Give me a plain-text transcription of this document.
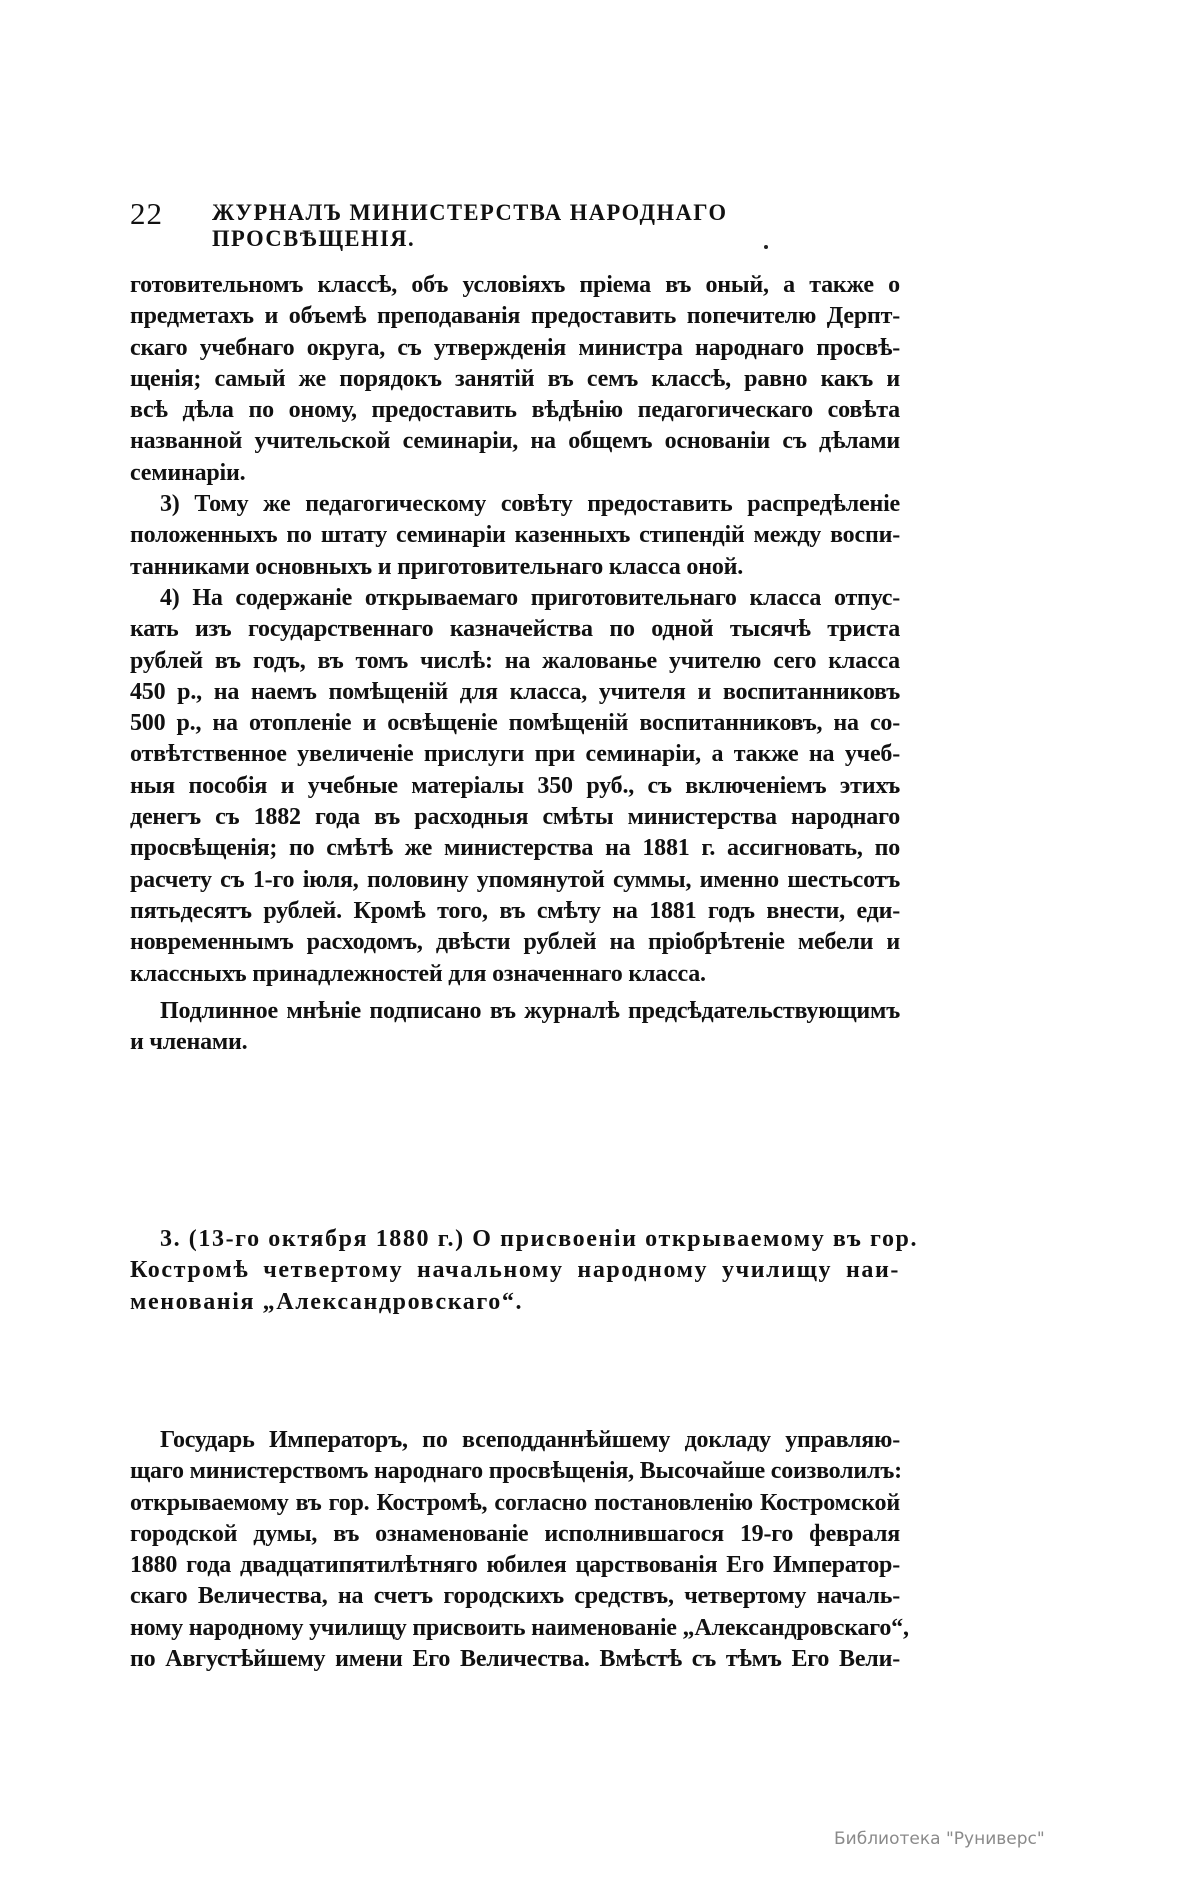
22 ЖУРНАЛЪ МИНИСТЕРСТВА НАРОДНАГО ПРОСВѢЩЕНІЯ.
готовительномъ классѣ, объ условіяхъ пріема въ оный, а также о
предметахъ и объемѣ преподаванія предоставить попечителю Дерпт-
скаго учебнаго округа, съ утвержденія министра народнаго просвѣ-
щенія; самый же порядокъ занятій въ семъ классѣ, равно какъ и
всѣ дѣла по оному, предоставить вѣдѣнію педагогическаго совѣта
названной учительской семинаріи, на общемъ основаніи съ дѣлами
семинаріи.
3) Тому же педагогическому совѣту предоставить распредѣленіе
положенныхъ по штату семинаріи казенныхъ стипендій между воспи-
танниками основныхъ и приготовительнаго класса оной.
4) На содержаніе открываемаго приготовительнаго класса отпус-
кать изъ государственнаго казначейства по одной тысячѣ триста
рублей въ годъ, въ томъ числѣ: на жалованье учителю сего класса
450 р., на наемъ помѣщеній для класса, учителя и воспитанниковъ
500 р., на отопленіе и освѣщеніе помѣщеній воспитанниковъ, на со-
отвѣтственное увеличеніе прислуги при семинаріи, а также на учеб-
ныя пособія и учебные матеріалы 350 руб., съ включеніемъ этихъ
денегъ съ 1882 года въ расходныя смѣты министерства народнаго
просвѣщенія; по смѣтѣ же министерства на 1881 г. ассигновать, по
расчету съ 1-го іюля, половину упомянутой суммы, именно шестьсотъ
пятьдесятъ рублей. Кромѣ того, въ смѣту на 1881 годъ внести, еди-
новременнымъ расходомъ, двѣсти рублей на пріобрѣтеніе мебели и
классныхъ принадлежностей для означеннаго класса.
Подлинное мнѣніе подписано въ журналѣ предсѣдательствующимъ
и членами.
3. (13-го октября 1880 г.) О присвоеніи открываемому въ гор.
Костромѣ четвертому начальному народному училищу наи-
менованія „Александровскаго“.
Государь Императоръ, по всеподданнѣйшему докладу управляю-
щаго министерствомъ народнаго просвѣщенія, Высочайше соизволилъ:
открываемому въ гор. Костромѣ, согласно постановленію Костромской
городской думы, въ ознаменованіе исполнившагося 19-го февраля
1880 года двадцатипятилѣтняго юбилея царствованія Его Император-
скаго Величества, на счетъ городскихъ средствъ, четвертому началь-
ному народному училищу присвоить наименованіе „Александровскаго“,
по Августѣйшему имени Его Величества. Вмѣстѣ съ тѣмъ Его Вели-
Библиотека "Руниверс"
